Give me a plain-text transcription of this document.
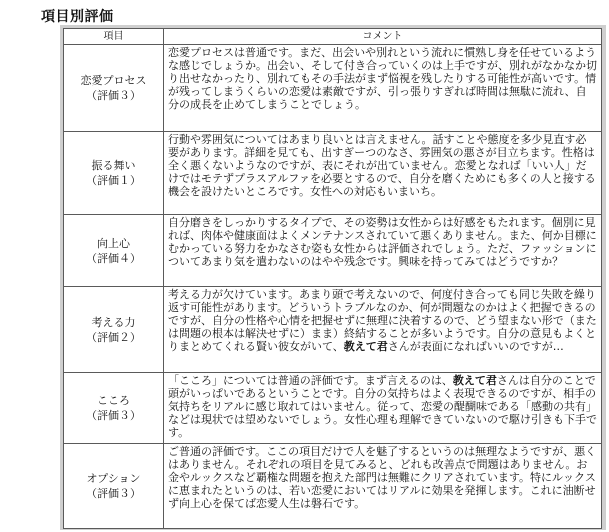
項目別評価
項目	コメント

恋愛プロセス
（評価３）	恋愛プロセスは普通です。まだ、出会いや別れという流れに慣熟し身を任せているような感じでしょうか。出会い、そして付き合っていくのは上手ですが、別れがなかなか切り出せなかったり、別れてもその手法がまず悩視を残したりする可能性が高いです。情が残ってしまうくらいの恋愛は素敵ですが、引っ張りすぎれば時間は無駄に流れ、自分の成長を止めてしまうことでしょう。

振る舞い
（評価１）	行動や雰囲気についてはあまり良いとは言えません。話すことや態度を多少見直す必要があります。詳細を見ても、出すぎーつのなさ、雰囲気の悪さが目立ちます。性格は全く悪くないようなのですが、表にそれが出ていません。恋愛となれば「いい人」だけではモテずプラスアルファを必要とするので、自分を磨くためにも多くの人と接する機会を設けたいところです。女性への対応もいまいち。

向上心
（評価４）	自分磨きをしっかりするタイプで、その姿勢は女性からは好感をもたれます。個別に見れば、肉体や健康面はよくメンテナンスされていて悪くありません。また、何か目標にむかっている努力をかなさむ姿も女性からは評価されでしょう。ただ、ファッションについてあまり気を遣わないのはやや残念です。興味を持ってみてはどうですか？

考える力
（評価２）	考える力が欠けています。あまり頭で考えないので、何度付き合っても同じ失敗を繰り返す可能性があります。どういうトラブルなのか、何が問題なのかはよく把握できるのですが、自分の性格や心情を把握せずに無理に決着するので、どう望まない形で（または問題の根本は解決せずに）まま）終結することが多いようです。自分の意見もよくとりまとめてくれる賢い彼女がいて、教えて君さんが表面になればいいのですが…

こころ
（評価３）	「こころ」については普通の評価です。まず言えるのは、教えて君さんは自分のことで頭がいっぱいであるということです。自分の気持ちはよく表現できるのですが、相手の気持ちをリアルに感じ取れてはいません。従って、恋愛の醍醐味である「感動の共有」などは現状では望めないでしょう。女性心理も理解できていないので駆け引きも下手です。

オプション
（評価３）	ご普通の評価です。ここの項目だけで人を魅了するというのは無理なようですが、悪くはありません。それぞれの項目を見てみると、どれも改善点で問題はありません。お金やルックスなど覇権な問題を抱えた部門は無難にクリアされています。特にルックスに恵まれたというのは、若い恋愛においてはリアルに効果を発揮します。これに油断せず向上心を保てば恋愛人生は磐石です。
